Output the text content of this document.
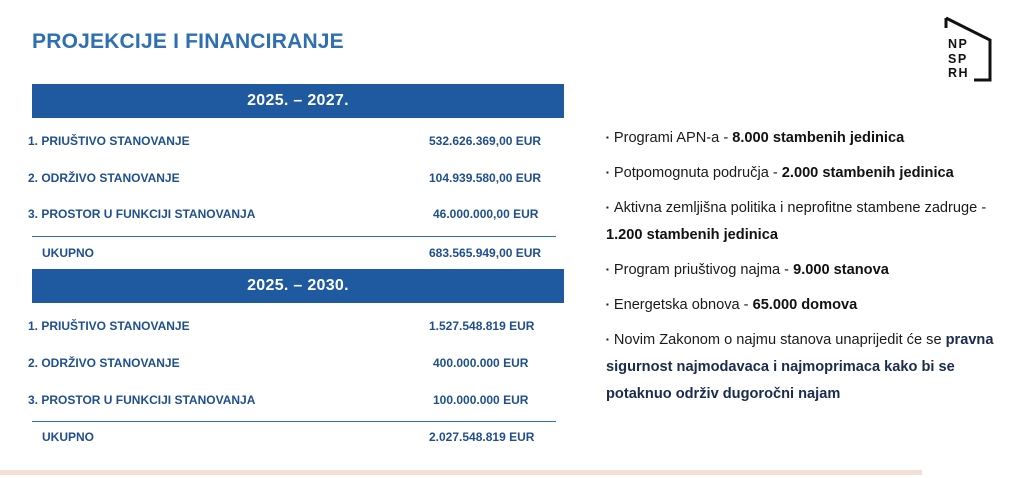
PROJEKCIJE I FINANCIRANJE	NP
SP
RH
2025. – 2027.
1. PRIUŠTIVO STANOVANJE	532.626.369,00 EUR
2. ODRŽIVO STANOVANJE	104.939.580,00 EUR
3. PROSTOR U FUNKCIJI STANOVANJA	46.000.000,00 EUR
UKUPNO	683.565.949,00 EUR
2025. – 2030.
1. PRIUŠTIVO STANOVANJE	1.527.548.819 EUR
2. ODRŽIVO STANOVANJE	400.000.000 EUR
3. PROSTOR U FUNKCIJI STANOVANJA	100.000.000 EUR
UKUPNO	2.027.548.819 EUR
▪ Programi APN-a - 8.000 stambenih jedinica
▪ Potpomognuta područja - 2.000 stambenih jedinica
▪ Aktivna zemljišna politika i neprofitne stambene zadruge - 1.200 stambenih jedinica
▪ Program priuštivog najma - 9.000 stanova
▪ Energetska obnova - 65.000 domova
▪ Novim Zakonom o najmu stanova unaprijedit će se pravna sigurnost najmodavaca i najmoprimaca kako bi se potaknuo održiv dugoročni najam
